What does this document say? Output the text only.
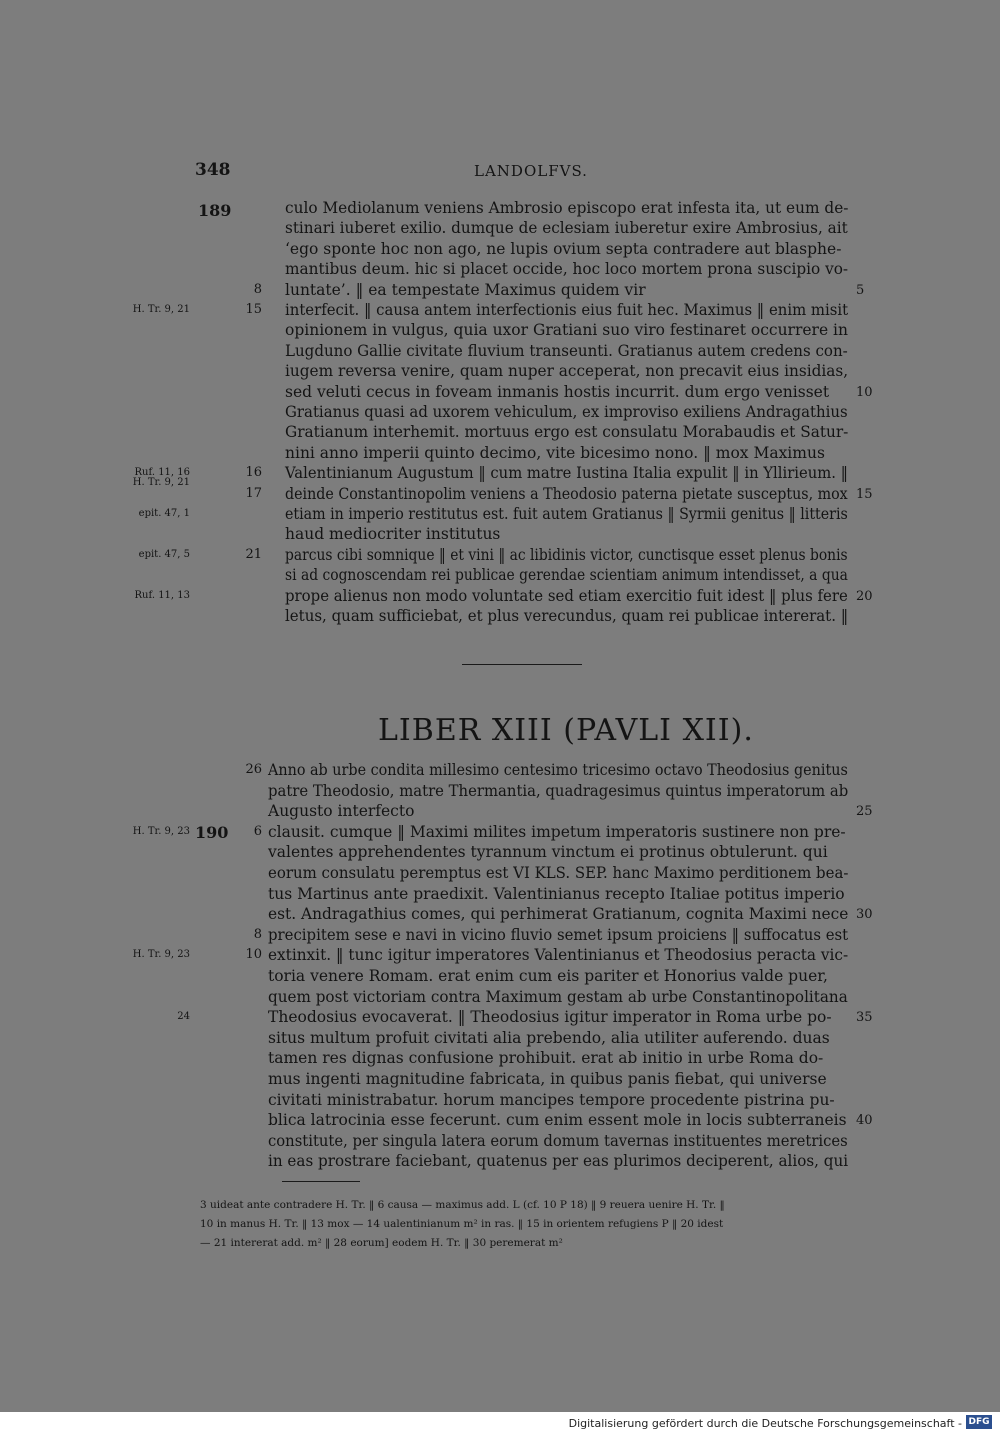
348	LANDOLFVS.
189
190
culo Mediolanum veniens Ambrosio episcopo erat infesta ita, ut eum de-
stinari iuberet exilio. dumque de eclesiam iuberetur exire Ambrosius, ait
‘ego sponte hoc non ago, ne lupis ovium septa contradere aut blasphe-
mantibus deum. hic si placet occide, hoc loco mortem prona suscipio vo-
luntate’. ‖ ea tempestate Maximus quidem vir
interfecit. ‖ causa antem interfectionis eius fuit hec. Maximus ‖ enim misit
opinionem in vulgus, quia uxor Gratiani suo viro festinaret occurrere in
Lugduno Gallie civitate fluvium transeunti. Gratianus autem credens con-
iugem reversa venire, quam nuper acceperat, non precavit eius insidias,
sed veluti cecus in foveam inmanis hostis incurrit. dum ergo venisset
Gratianus quasi ad uxorem vehiculum, ex improviso exiliens Andragathius
Gratianum interhemit. mortuus ergo est consulatu Morabaudis et Satur-
nini anno imperii quinto decimo, vite bicesimo nono. ‖ mox Maximus
Valentinianum Augustum ‖ cum matre Iustina Italia expulit ‖ in Yllirieum. ‖
deinde Constantinopolim veniens a Theodosio paterna pietate susceptus, mox
etiam in imperio restitutus est. fuit autem Gratianus ‖ Syrmii genitus ‖ litteris
haud mediocriter institutus
parcus cibi somnique ‖ et vini ‖ ac libidinis victor, cunctisque esset plenus bonis
si ad cognoscendam rei publicae gerendae scientiam animum intendisset, a qua
prope alienus non modo voluntate sed etiam exercitio fuit idest ‖ plus fere
letus, quam sufficiebat, et plus verecundus, quam rei publicae intererat. ‖
8
15
16
17
21
5
10
15
20
H. Tr. 9, 21
Ruf. 11, 16
H. Tr. 9, 21
epit. 47, 1
epit. 47, 5
Ruf. 11, 13
LIBER XIII (PAVLI XII).
Anno ab urbe condita millesimo centesimo tricesimo octavo Theodosius genitus
patre Theodosio, matre Thermantia, quadragesimus quintus imperatorum ab
Augusto interfecto
clausit. cumque ‖ Maximi milites impetum imperatoris sustinere non pre-
valentes apprehendentes tyrannum vinctum ei protinus obtulerunt. qui
eorum consulatu peremptus est VI KLS. SEP. hanc Maximo perditionem bea-
tus Martinus ante praedixit. Valentinianus recepto Italiae potitus imperio
est. Andragathius comes, qui perhimerat Gratianum, cognita Maximi nece
precipitem sese e navi in vicino fluvio semet ipsum proiciens ‖ suffocatus est
extinxit. ‖ tunc igitur imperatores Valentinianus et Theodosius peracta vic-
toria venere Romam. erat enim cum eis pariter et Honorius valde puer,
quem post victoriam contra Maximum gestam ab urbe Constantinopolitana
Theodosius evocaverat. ‖ Theodosius igitur imperator in Roma urbe po-
situs multum profuit civitati alia prebendo, alia utiliter auferendo. duas
tamen res dignas confusione prohibuit. erat ab initio in urbe Roma do-
mus ingenti magnitudine fabricata, in quibus panis fiebat, qui universe
civitati ministrabatur. horum mancipes tempore procedente pistrina pu-
blica latrocinia esse fecerunt. cum enim essent mole in locis subterraneis
constitute, per singula latera eorum domum tavernas instituentes meretrices
in eas prostrare faciebant, quatenus per eas plurimos deciperent, alios, qui
26
6
8
10
25
30
35
40
H. Tr. 9, 23
H. Tr. 9, 23
24
3 uideat ante contradere H. Tr. ‖ 6 causa — maximus add. L (cf. 10 P 18) ‖ 9 reuera uenire H. Tr. ‖
10 in manus H. Tr. ‖ 13 mox — 14 ualentinianum m² in ras. ‖ 15 in orientem refugiens P ‖ 20 idest
— 21 intererat add. m² ‖ 28 eorum] eodem H. Tr. ‖ 30 peremerat m²
Digitalisierung gefördert durch die Deutsche Forschungsgemeinschaft - DFG
